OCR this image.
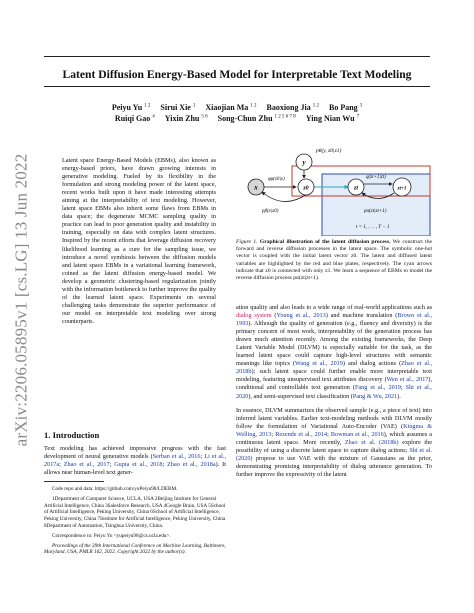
arXiv:2206.05895v1 [cs.LG] 13 Jun 2022
Latent Diffusion Energy-Based Model for Interpretable Text Modeling
Peiyu Yu $^{1 2}$ Sirui Xie $^1$ Xiaojian Ma $^{1 2}$ Baoxiong Jia $^{1 2}$ Bo Pang $^3$
Ruiqi Gao $^4$ Yixin Zhu $^{5 6}$ Song-Chun Zhu $^{1 2 5 6 7 8}$ Ying Nian Wu $^7$
Latent space Energy-Based Models (EBMs), also known as energy-based priors, have drawn growing interests in generative modeling. Fueled by its flexibility in the formulation and strong modeling power of the latent space, recent works built upon it have made interesting attempts aiming at the interpretability of text modeling. However, latent space EBMs also inherit some flaws from EBMs in data space; the degenerate MCMC sampling quality in practice can lead to poor generation quality and instability in training, especially on data with complex latent structures. Inspired by the recent efforts that leverage diffusion recovery likelihood learning as a cure for the sampling issue, we introduce a novel symbiosis between the diffusion models and latent space EBMs in a variational learning framework, coined as the latent diffusion energy-based model. We develop a geometric clustering-based regularization jointly with the information bottleneck to further improve the quality of the learned latent space. Experiments on several challenging tasks demonstrate the superior performance of our model on interpretable text modeling over strong counterparts.
1. Introduction
Text modeling has achieved impressive progress with the fast development of neural generative models (Serban et al., 2016; Li et al., 2017a; Zhao et al., 2017; Gupta et al., 2018; Zhao et al., 2018a). It allows near human-level text gener-

Code repo and data: https://github.com/yuPeiyu98/LDEBM.

1Department of Computer Science, UCLA, USA 2Beijing Institute for General Artificial Intelligence, China 3Salesforce Research, USA 4Google Brain, USA 5School of Artificial Intelligence, Peking University, China 6School of Artificial Intelligence, Peking University, China 7Institute for Artificial Intelligence, Peking University, China 8Department of Automation, Tsinghua University, China.

Correspondence to: Peiyu Yu <yupeiyu98@cs.ucla.edu>.

Proceedings of the 39th International Conference on Machine Learning, Baltimore, Maryland, USA, PMLR 162, 2022. Copyright 2022 by the author(s).

x
y
z0	zt	zt+1
pθ(y, z0|z1)
qφ(z0|x)
pβ(x|z0)
q(zt+1|zt)
pα(zt|zt+1)
t = 1, . . . , T − 1
Figure 1. Graphical illustration of the latent diffusion process. We construct the forward and reverse diffusion processes in the latent space. The symbolic one-hot vector is coupled with the initial latent vector z0. The latent and diffused latent variables are highlighted by the red and blue plates, respectively. The cyan arrows indicate that z0 is connected with only z1. We learn a sequence of EBMs to model the reverse diffusion process pα(zt|zt+1).

ation quality and also leads to a wide range of real-world applications such as dialog system (Young et al., 2013) and machine translation (Brown et al., 1993). Although the quality of generation (e.g., fluency and diversity) is the primary concern of most work, interpretability of the generation process has drawn much attention recently. Among the existing frameworks, the Deep Latent Variable Model (DLVM) is especially suitable for the task, as the learned latent space could capture high-level structures with semantic meanings like topics (Wang et al., 2019) and dialog actions (Zhao et al., 2018b); such latent space could further enable more interpretable text modeling, featuring unsupervised text attributes discovery (Wen et al., 2017), conditional and controllable text generation (Fang et al., 2019; Shi et al., 2020), and semi-supervised text classification (Pang & Wu, 2021).

In essence, DLVM summarizes the observed sample (e.g., a piece of text) into inferred latent variables. Earlier text-modeling methods with DLVM mostly follow the formulation of Variational Auto-Encoder (VAE) (Kingma & Welling, 2013; Rezende et al., 2014; Bowman et al., 2016), which assumes a continuous latent space. More recently, Zhao et al. (2018b) explore the possibility of using a discrete latent space to capture dialog actions; Shi et al. (2020) propose to use VAE with the mixture of Gaussians as the prior, demonstrating promising interpretability of dialog utterance generation. To further improve the expressivity of the latent
